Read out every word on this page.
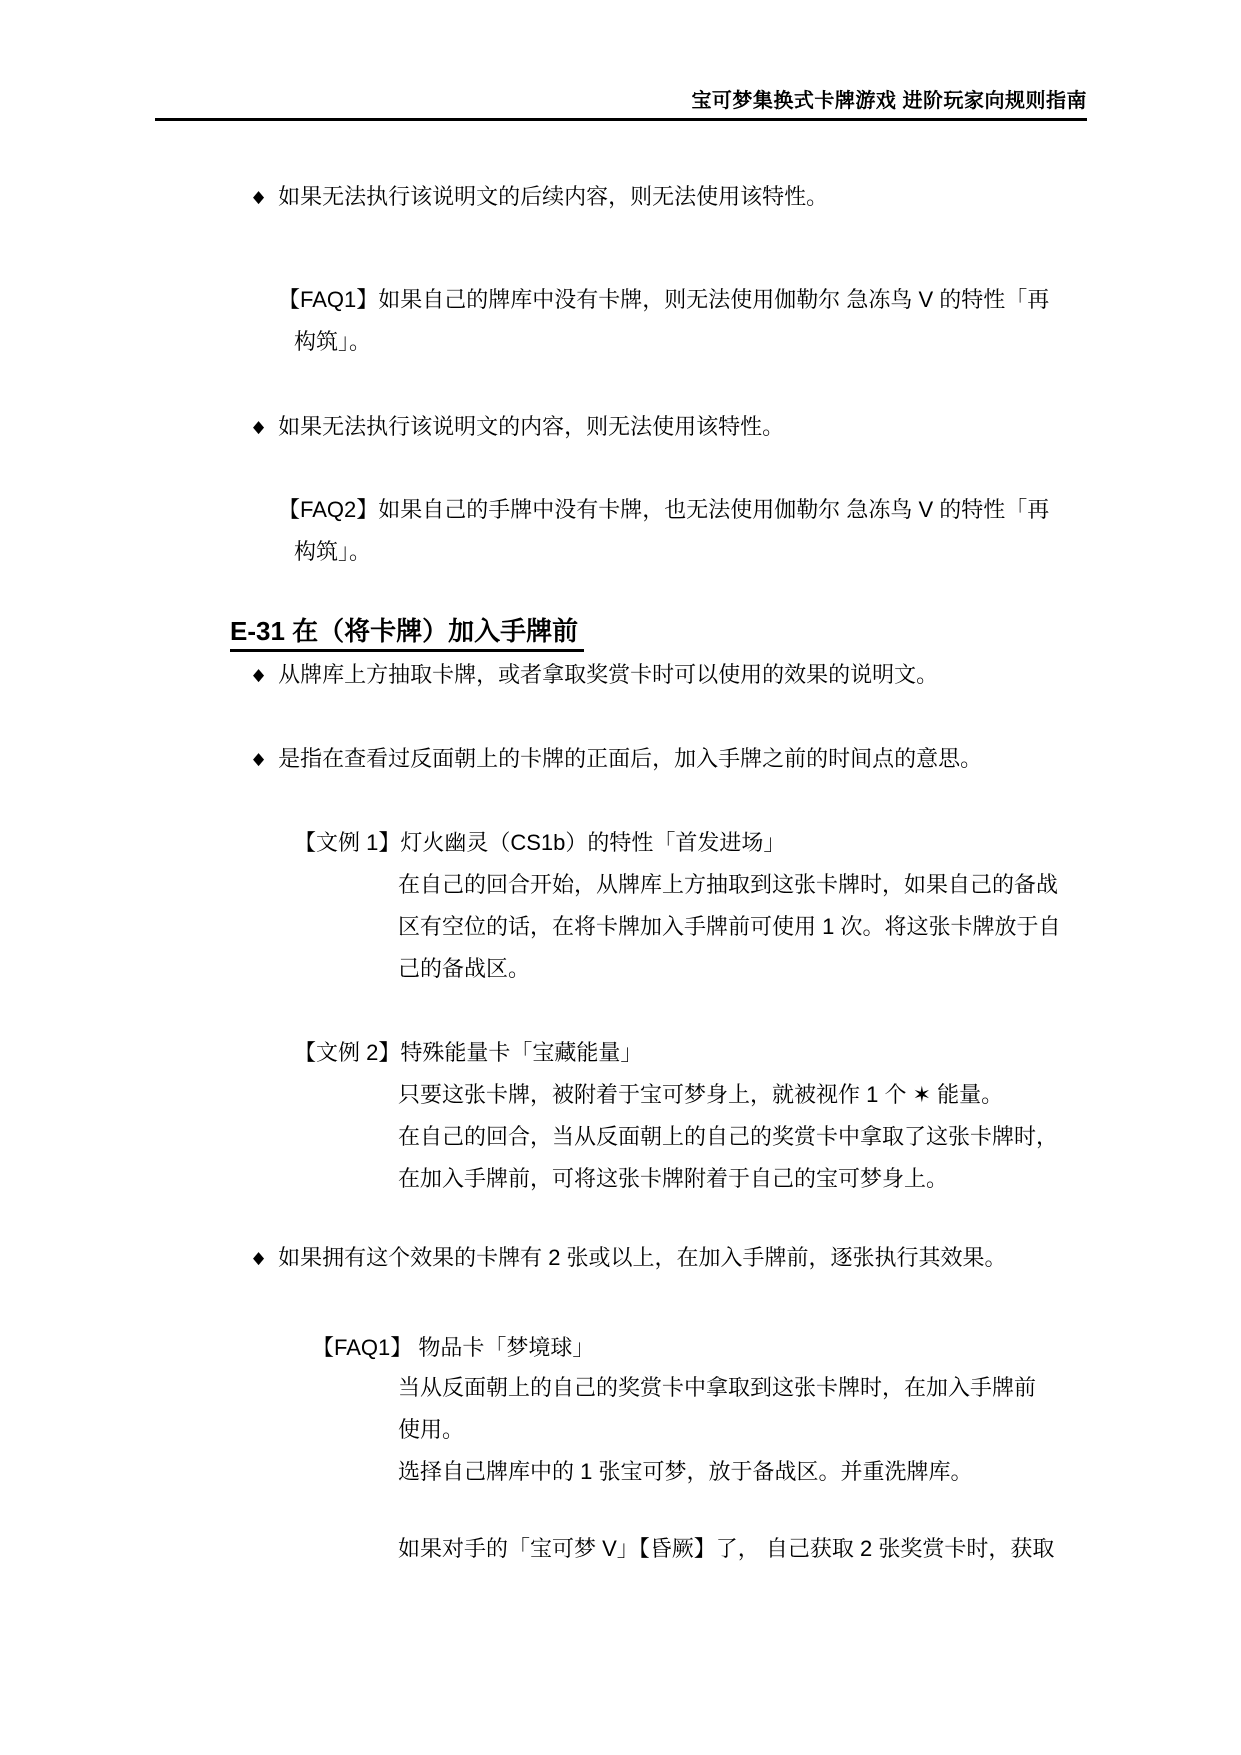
宝可梦集换式卡牌游戏 进阶玩家向规则指南
◆ 如果无法执行该说明文的后续内容，则无法使用该特性。
【FAQ1】如果自己的牌库中没有卡牌，则无法使用伽勒尔 急冻鸟 V 的特性「再
构筑」。
◆ 如果无法执行该说明文的内容，则无法使用该特性。
【FAQ2】如果自己的手牌中没有卡牌，也无法使用伽勒尔 急冻鸟 V 的特性「再
构筑」。
E-31 在（将卡牌）加入手牌前
◆ 从牌库上方抽取卡牌，或者拿取奖赏卡时可以使用的效果的说明文。
◆ 是指在查看过反面朝上的卡牌的正面后，加入手牌之前的时间点的意思。
【文例 1】灯火幽灵（CS1b）的特性「首发进场」
在自己的回合开始，从牌库上方抽取到这张卡牌时，如果自己的备战
区有空位的话，在将卡牌加入手牌前可使用 1 次。将这张卡牌放于自
己的备战区。
【文例 2】特殊能量卡「宝藏能量」
只要这张卡牌，被附着于宝可梦身上，就被视作 1 个 ✶ 能量。
在自己的回合，当从反面朝上的自己的奖赏卡中拿取了这张卡牌时，
在加入手牌前，可将这张卡牌附着于自己的宝可梦身上。
◆ 如果拥有这个效果的卡牌有 2 张或以上，在加入手牌前，逐张执行其效果。
【FAQ1】 物品卡「梦境球」
当从反面朝上的自己的奖赏卡中拿取到这张卡牌时，在加入手牌前
使用。
选择自己牌库中的 1 张宝可梦，放于备战区。并重洗牌库。
如果对手的「宝可梦 V」【昏厥】了， 自己获取 2 张奖赏卡时，获取
